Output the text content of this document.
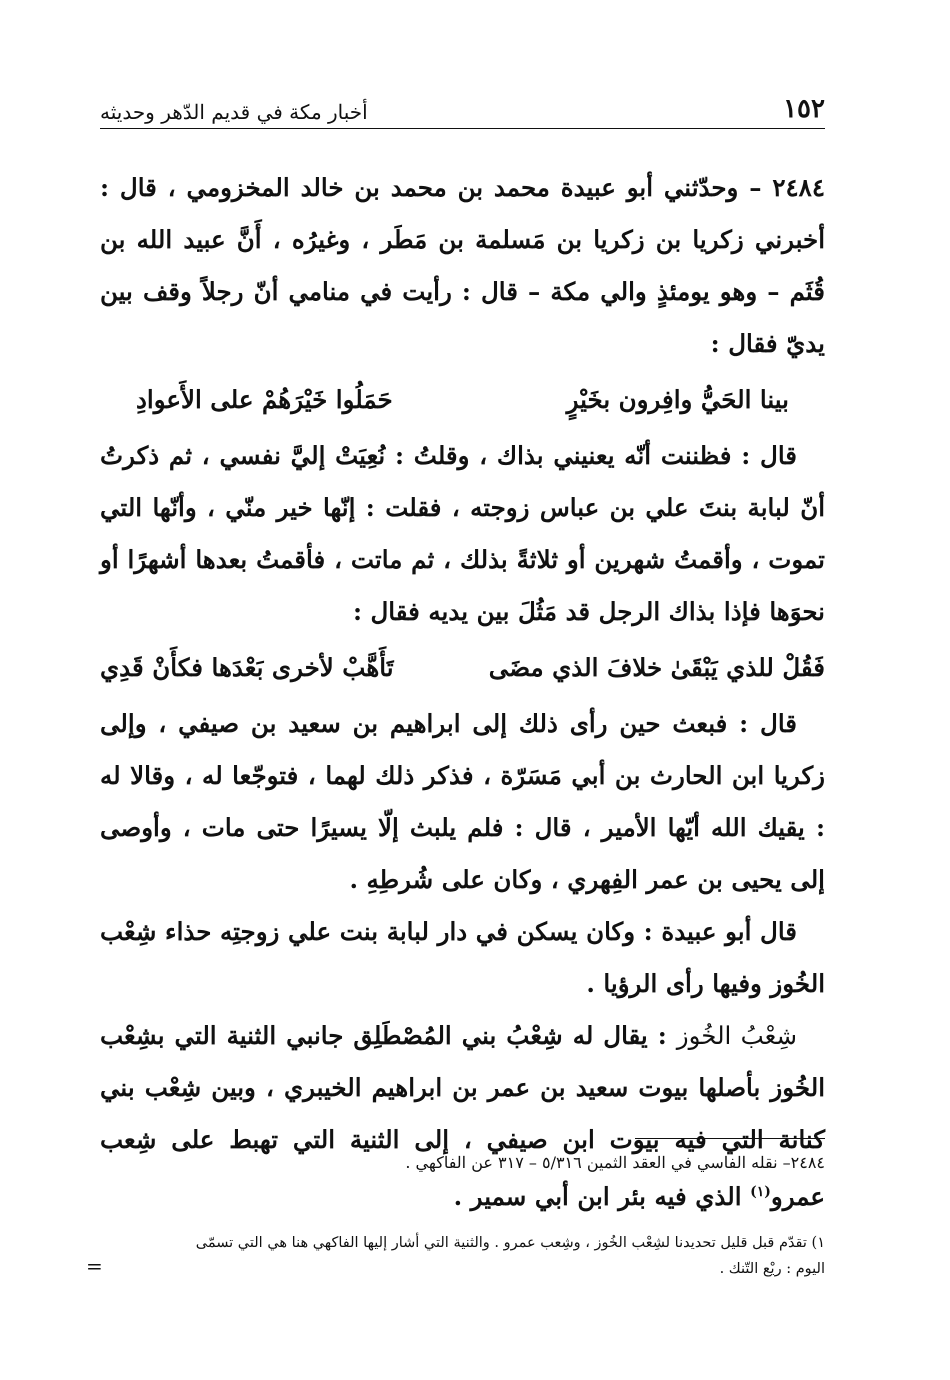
١٥٢
أخبار مكة في قديم الدّهر وحديثه

٢٤٨٤ – وحدّثني أبو عبيدة محمد بن محمد بن خالد المخزومي ، قال : أخبرني زكريا بن زكريا بن مَسلمة بن مَطَر ، وغيرُه ، أَنَّ عبيد الله بن قُثَم – وهو يومئذٍ والي مكة – قال : رأيت في منامي أنّ رجلاً وقف بين يديّ فقال :

بينا الحَيُّ وافِرون بخَيْرٍ
حَمَلُوا خَيْرَهُمْ على الأَعوادِ

قال : فظننت أنّه يعنيني بذاك ، وقلتُ : نُعِيَتْ إليَّ نفسي ، ثم ذكرتُ أنّ لبابة بنتَ علي بن عباس زوجته ، فقلت : إنّها خير منّي ، وأنّها التي تموت ، وأقمتُ شهرين أو ثلاثةً بذلك ، ثم ماتت ، فأقمتُ بعدها أشهرًا أو نحوَها فإذا بذاك الرجل قد مَثُلَ بين يديه فقال :

فَقُلْ للذي يَبْقَىٰ خلافَ الذي مضَى
تَأَهَّبْ لأخرى بَعْدَها فكأَنْ قَدِي

قال : فبعث حين رأى ذلك إلى ابراهيم بن سعيد بن صيفي ، وإلى زكريا ابن الحارث بن أبي مَسَرّة ، فذكر ذلك لهما ، فتوجّعا له ، وقالا له : يقيك الله أيّها الأمير ، قال : فلم يلبث إلّا يسيرًا حتى مات ، وأوصى إلى يحيى بن عمر الفِهري ، وكان على شُرطِهِ .

قال أبو عبيدة : وكان يسكن في دار لبابة بنت علي زوجتِه حذاء شِعْب الخُوز وفيها رأى الرؤيا .

شِعْبُ الخُوز : يقال له شِعْبُ بني المُصْطَلِق جانبي الثنية التي بشِعْب الخُوز بأصلها بيوت سعيد بن عمر بن ابراهيم الخيبري ، وبين شِعْب بني كنانة التي فيه بيوت ابن صيفي ، إلى الثنية التي تهبط على شِعب عمرو$^{(١)}$ الذي فيه بئر ابن أبي سمير .

٢٤٨٤– نقله الفاسي في العقد الثمين ٥/٣١٦ – ٣١٧ عن الفاكهي .

١) تقدّم قبل قليل تحديدنا لشِعْب الخُوز ، وشِعب عمرو . والثنية التي أشار إليها الفاكهي هنا هي التي تسمّى اليوم : ريْع التّنك .

=
